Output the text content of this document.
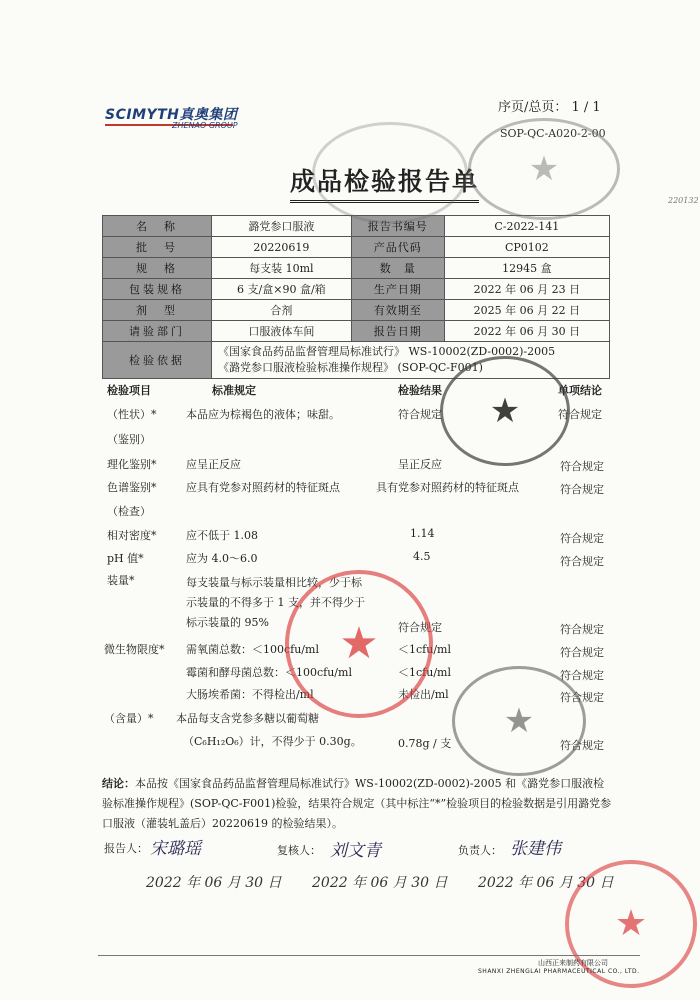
SCIMYTH真奥集团
ZHENAO GROUP
序页/总页： 1 / 1
SOP-QC-A020-2-00
220132
成品检验报告单
名　称	潞党参口服液	报告书编号	C-2022-141
批　号	20220619	产品代码	CP0102
规　格	每支装 10ml	数　量	12945 盒
包装规格	6 支/盒×90 盒/箱	生产日期	2022 年 06 月 23 日
剂　型	合剂	有效期至	2025 年 06 月 22 日
请验部门	口服液体车间	报告日期	2022 年 06 月 30 日
检验依据	《国家食品药品监督管理局标准试行》 WS-10002(ZD-0002)-2005
《潞党参口服液检验标准操作规程》 (SOP-QC-F001)		
检验项目	标准规定	检验结果	单项结论
（性状）*	本品应为棕褐色的液体；味甜。	符合规定	符合规定
（鉴别）
理化鉴别*	应呈正反应	呈正反应	符合规定
色谱鉴别*	应具有党参对照药材的特征斑点	具有党参对照药材的特征斑点	符合规定
（检查）
相对密度*	应不低于 1.08	1.14	符合规定
pH 值*	应为 4.0～6.0	4.5	符合规定
装量*	每支装量与标示装量相比较，少于标
示装量的不得多于 1 支，并不得少于
标示装量的 95%	符合规定	符合规定
微生物限度* 需氧菌总数：＜100cfu/ml	＜1cfu/ml	符合规定
霉菌和酵母菌总数：＜100cfu/ml	＜1cfu/ml	符合规定
大肠埃希菌：不得检出/ml	未检出/ml	符合规定
（含量）* 本品每支含党参多糖以葡萄糖
（C₆H₁₂O₆）计，不得少于 0.30g。	0.78g / 支	符合规定
结论：本品按《国家食品药品监督管理局标准试行》WS-10002(ZD-0002)-2005 和《潞党参口服液检验标准操作规程》(SOP-QC-F001)检验，结果符合规定（其中标注“*”检验项目的检验数据是引用潞党参口服液（灌装轧盖后）20220619 的检验结果）。
报告人： 宋璐瑶	复核人： 刘文青	负责人： 张建伟
2022 年 06 月 30 日 2022 年 06 月 30 日 2022 年 06 月 30 日
★
★
★
★
★
山西正来制药有限公司
SHANXI ZHENGLAI PHARMACEUTICAL CO., LTD.
